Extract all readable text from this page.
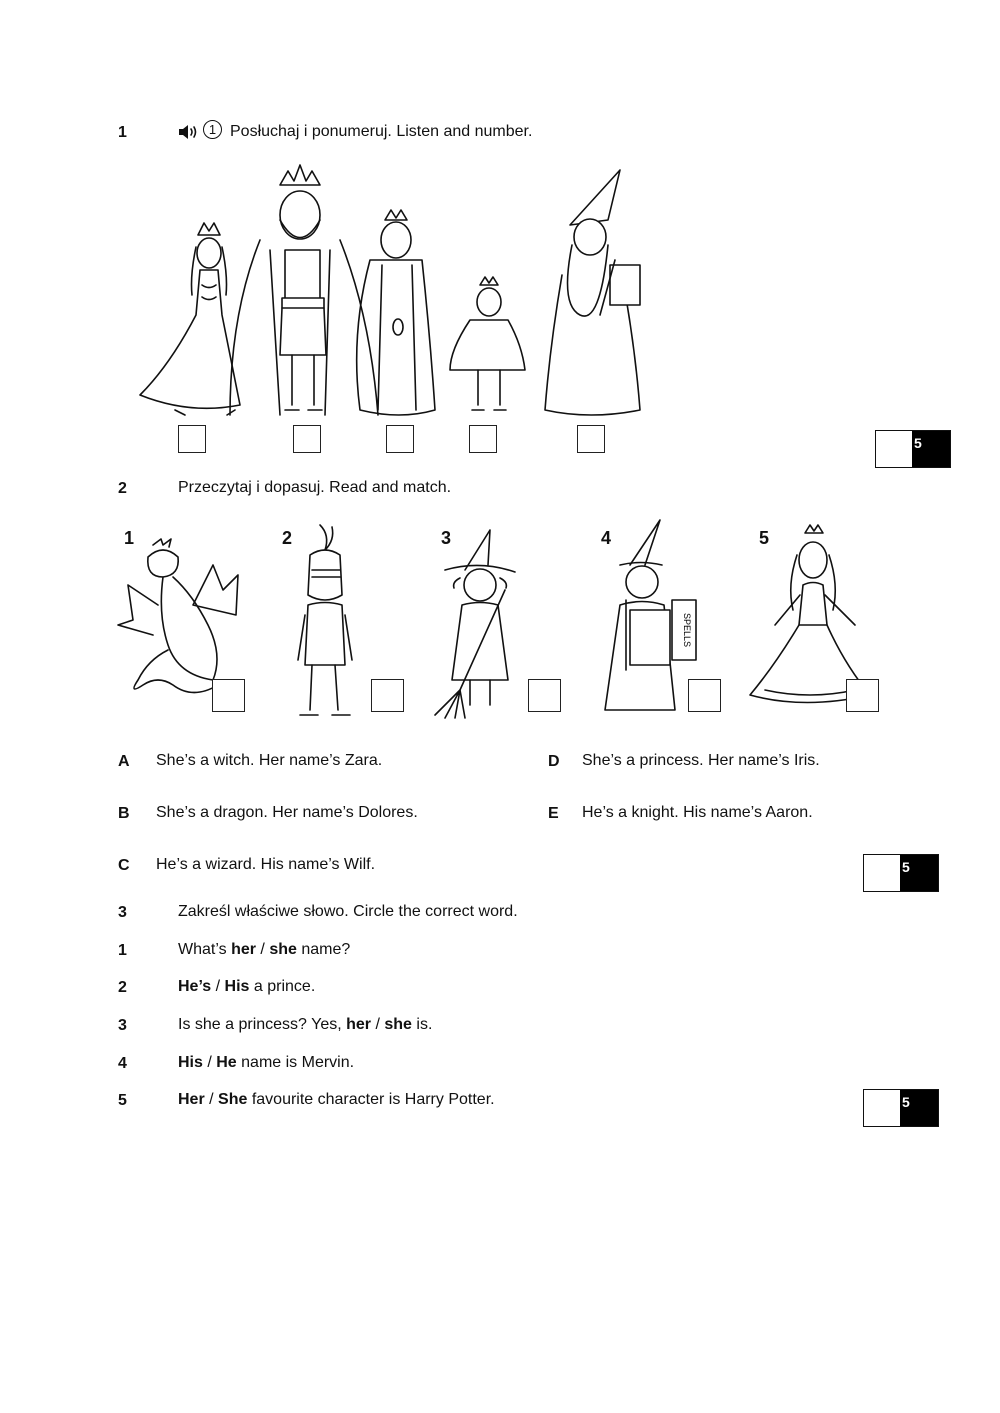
1	1 Posłuchaj i ponumeruj. Listen and number.
5
2	Przeczytaj i dopasuj. Read and match.
1	2	3	4	5
SPELLS
A She’s a witch. Her name’s Zara.
B She’s a dragon. Her name’s Dolores.
C He’s a wizard. His name’s Wilf.
D She’s a princess. Her name’s Iris.
E He’s a knight. His name’s Aaron.
5
3	Zakreśl właściwe słowo. Circle the correct word.
1	What’s her / she name?
2	He’s / His a prince.
3	Is she a princess? Yes, her / she is.
4	His / He name is Mervin.
5	Her / She favourite character is Harry Potter.	5
